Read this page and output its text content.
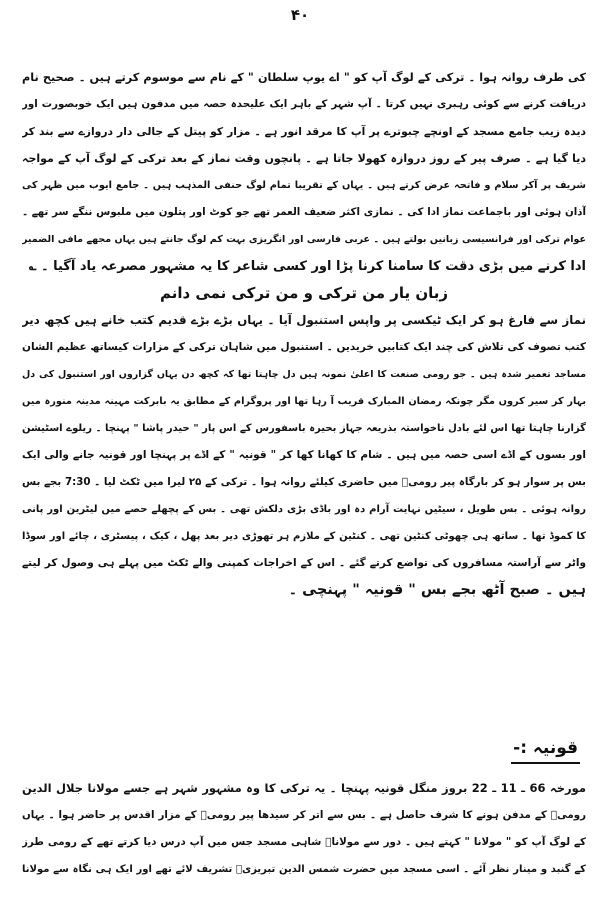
۴۰
کی طرف روانہ ہوا ۔ ترکی کے لوگ آپ کو " اے یوپ سلطان " کے نام سے موسوم کرتے ہیں ۔ صحیح نام
دریافت کرنے سے کوئی رہبری نہیں کرتا ۔ آپ شہر کے باہر ایک علیحدہ حصہ میں مدفون ہیں ایک خوبصورت اور
دیدہ زیب جامع مسجد کے اونچے چبوترے پر آپ کا مرقد انور ہے ۔ مزار کو پیتل کے جالی دار دروازے سے بند کر
دیا گیا ہے ۔ صرف پیر کے روز دروازہ کھولا جاتا ہے ۔ پانچوں وقت نماز کے بعد ترکی کے لوگ آپ کے مواجہ
شریف پر آکر سلام و فاتحہ عرض کرتے ہیں ۔ یہاں کے تقریبا تمام لوگ حنفی المذہب ہیں ۔ جامع ایوب میں ظہر کی
آذان ہوئی اور باجماعت نماز ادا کی ۔ نمازی اکثر ضعیف العمر تھے جو کوٹ اور پتلون میں ملبوس ننگے سر تھے ۔
عوام ترکی اور فرانسیسی زبانیں بولتے ہیں ۔ عربی فارسی اور انگریزی بہت کم لوگ جانتے ہیں یہاں مجھے مافی الضمیر
ادا کرنے میں بڑی دقت کا سامنا کرنا پڑا اور کسی شاعر کا یہ مشہور مصرعہ یاد آگیا ۔ ؎
زبان یار من ترکی و من ترکی نمی دانم
نماز سے فارغ ہو کر ایک ٹیکسی پر واپس استنبول آیا ۔ یہاں بڑے بڑے قدیم کتب خانے ہیں کچھ دیر
کتب تصوف کی تلاش کی چند ایک کتابیں خریدیں ۔ استنبول میں شاہان ترکی کے مزارات کیساتھ عظیم الشان
مساجد تعمیر شدہ ہیں ۔ جو رومی صنعت کا اعلیٰ نمونہ ہیں دل چاہتا تھا کہ کچھ دن یہاں گزاروں اور استنبول کی دل
بہار کر سیر کروں مگر چونکہ رمضان المبارک قریب آ رہا تھا اور پروگرام کے مطابق یہ بابرکت مہینہ مدینہ منورہ میں
گزارنا چاہتا تھا اس لئے بادل ناخواستہ بذریعہ جہاز بحیرہ باسفورس کے اس پار " حیدر پاشا " پہنچا ۔ ریلوے اسٹیشن
اور بسوں کے اڈے اسی حصہ میں ہیں ۔ شام کا کھانا کھا کر " قونیہ " کے اڈے پر پہنچا اور قونیہ جانے والی ایک
بس پر سوار ہو کر بارگاہ پیر رومیؒ میں حاضری کیلئے روانہ ہوا ۔ ترکی کے ۲۵ لیرا میں ٹکٹ لیا ۔ 7:30 بجے بس
روانہ ہوئی ۔ بس طویل ، سیٹیں نہایت آرام دہ اور باڈی بڑی دلکش تھی ۔ بس کے پچھلے حصے میں لیٹرین اور پانی
کا کموڈ تھا ۔ ساتھ ہی چھوٹی کنٹین تھی ۔ کنٹین کے ملازم ہر تھوڑی دیر بعد پھل ، کیک ، پیسٹری ، چائے اور سوڈا
واٹر سے آراستہ مسافروں کی تواضع کرتے گئے ۔ اس کے اخراجات کمپنی والے ٹکٹ میں پہلے ہی وصول کر لیتے
ہیں ۔ صبح آٹھ بجے بس " قونیہ " پہنچی ۔
قونیہ :-
مورخہ 66 ـ 11 ـ 22 بروز منگل قونیہ پہنچا ۔ یہ ترکی کا وہ مشہور شہر ہے جسے مولانا جلال الدین
رومیؒ کے مدفن ہونے کا شرف حاصل ہے ۔ بس سے اتر کر سیدھا پیر رومیؒ کے مزار اقدس پر حاضر ہوا ۔ یہاں
کے لوگ آپ کو " مولانا " کہتے ہیں ۔ دور سے مولاناؒ شاہی مسجد جس میں آپ درس دیا کرتے تھے کے رومی طرز
کے گنبد و مینار نظر آئے ۔ اسی مسجد میں حضرت شمس الدین تبریزیؒ تشریف لائے تھے اور ایک ہی نگاہ سے مولانا
